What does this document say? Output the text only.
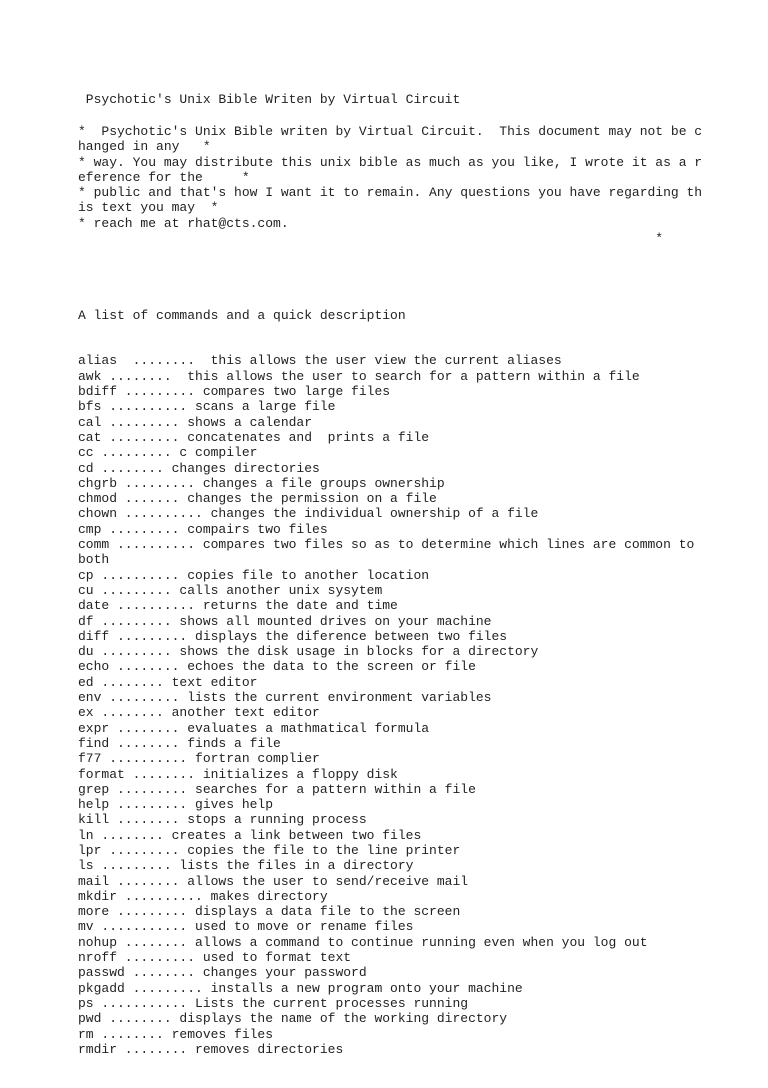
Psychotic's Unix Bible Writen by Virtual Circuit
*  Psychotic's Unix Bible writen by Virtual Circuit.  This document may not be c
hanged in any   *
* way. You may distribute this unix bible as much as you like, I wrote it as a r
eference for the     *
* public and that's how I want it to remain. Any questions you have regarding th
is text you may  *
* reach me at rhat@cts.com.
*

A list of commands and a quick description

alias  ........  this allows the user view the current aliases
awk ........  this allows the user to search for a pattern within a file
bdiff ......... compares two large files
bfs .......... scans a large file
cal ......... shows a calendar
cat ......... concatenates and  prints a file
cc ......... c compiler
cd ........ changes directories
chgrb ......... changes a file groups ownership
chmod ....... changes the permission on a file
chown .......... changes the individual ownership of a file
cmp ......... compairs two files
comm .......... compares two files so as to determine which lines are common to
both
cp .......... copies file to another location
cu ......... calls another unix sysytem
date .......... returns the date and time
df ......... shows all mounted drives on your machine
diff ......... displays the diference between two files
du ......... shows the disk usage in blocks for a directory
echo ........ echoes the data to the screen or file
ed ........ text editor
env ......... lists the current environment variables
ex ........ another text editor
expr ........ evaluates a mathmatical formula
find ........ finds a file
f77 .......... fortran complier
format ........ initializes a floppy disk
grep ......... searches for a pattern within a file
help ......... gives help
kill ........ stops a running process
ln ........ creates a link between two files
lpr ......... copies the file to the line printer
ls ......... lists the files in a directory
mail ........ allows the user to send/receive mail
mkdir .......... makes directory
more ......... displays a data file to the screen
mv ........... used to move or rename files
nohup ........ allows a command to continue running even when you log out
nroff ......... used to format text
passwd ........ changes your password
pkgadd ......... installs a new program onto your machine
ps ........... Lists the current processes running
pwd ........ displays the name of the working directory
rm ........ removes files
rmdir ........ removes directories
